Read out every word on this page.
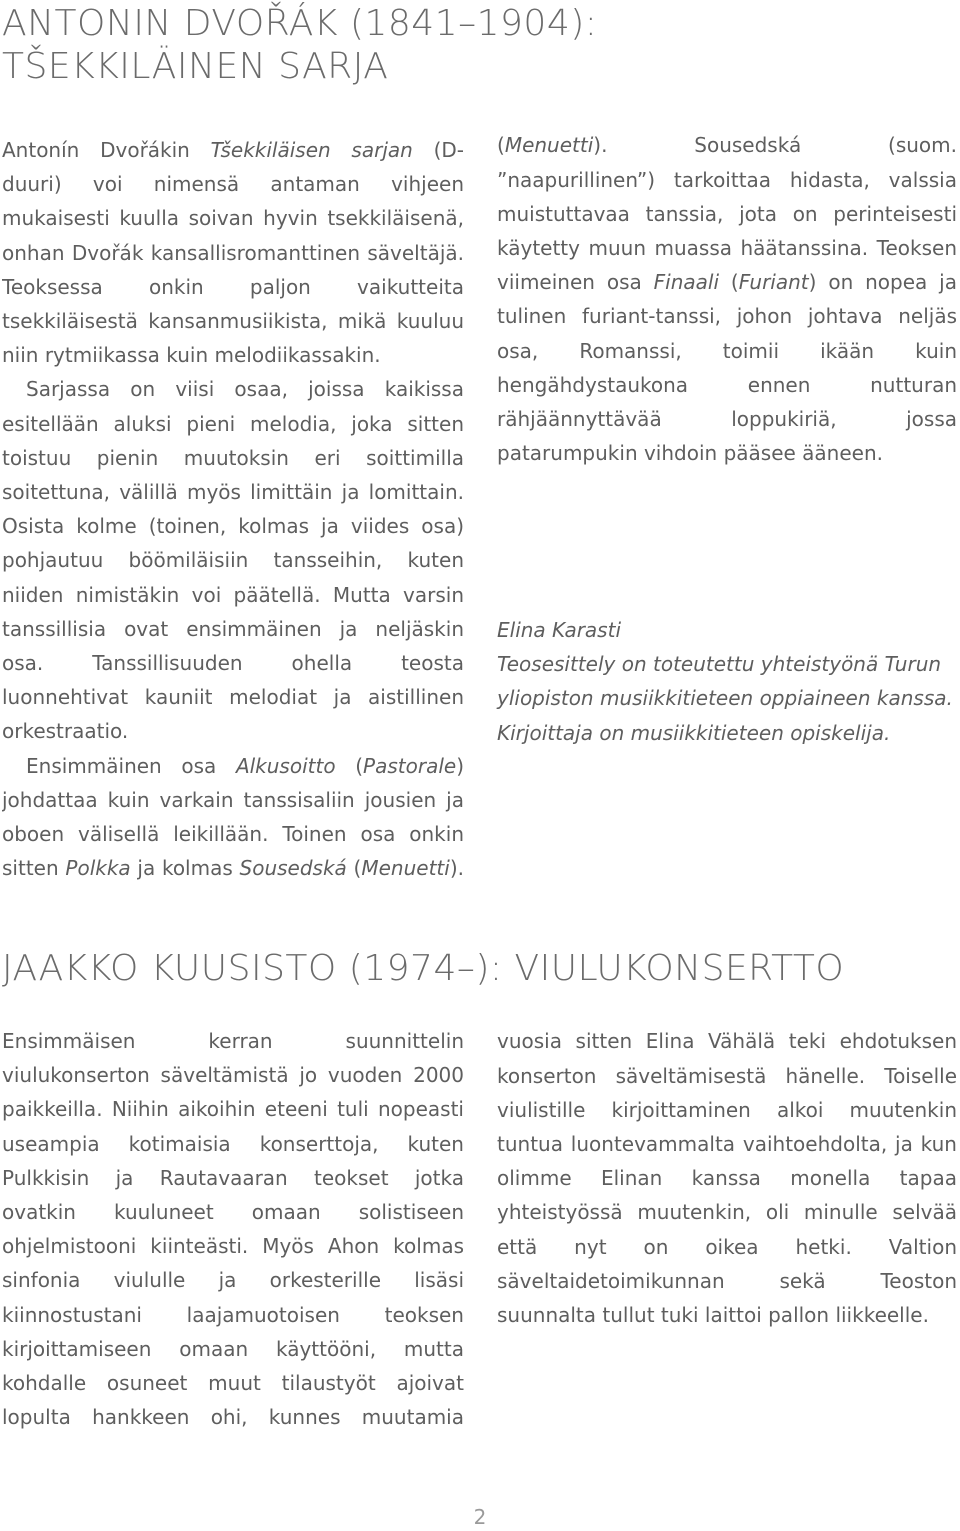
ANTONIN DVOŘÁK (1841–1904):
TŠEKKILÄINEN SARJA

Antonín Dvořákin Tšekkiläisen sarjan (D-duuri) voi nimensä antaman vihjeen mukaisesti kuulla soivan hyvin tsekkiläisenä, onhan Dvořák kansallisromanttinen säveltäjä. Teoksessa onkin paljon vaikutteita tsekkiläisestä kansanmusiikista, mikä kuuluu niin rytmiikassa kuin melodiikassakin.

Sarjassa on viisi osaa, joissa kaikissa esitellään aluksi pieni melodia, joka sitten toistuu pienin muutoksin eri soittimilla soitettuna, välillä myös limittäin ja lomittain. Osista kolme (toinen, kolmas ja viides osa) pohjautuu böömiläisiin tansseihin, kuten niiden nimistäkin voi päätellä. Mutta varsin tanssillisia ovat ensimmäinen ja neljäskin osa. Tanssillisuuden ohella teosta luonnehtivat kauniit melodiat ja aistillinen orkestraatio.

Ensimmäinen osa Alkusoitto (Pastorale) johdattaa kuin varkain tanssisaliin jousien ja oboen välisellä leikillään. Toinen osa onkin sitten Polkka ja kolmas Sousedská (Menuetti).

Elina Karasti
Teosesittely on toteutettu yhteistyönä Turun yliopiston musiikkitieteen oppiaineen kanssa. Kirjoittaja on musiikkitieteen opiskelija.

JAAKKO KUUSISTO (1974–): VIULUKONSERTTO

Ensimmäisen kerran suunnittelin viulukonserton säveltämistä jo vuoden 2000 paikkeilla. Niihin aikoihin eteeni tuli nopeasti useampia kotimaisia konserttoja, kuten Pulkkisin ja Rautavaaran teokset jotka ovatkin kuuluneet omaan solistiseen ohjelmistooni kiinteästi. Myös Ahon kolmas sinfonia viululle ja orkesterille lisäsi kiinnostustani laajamuotoisen teoksen kirjoittamiseen omaan käyttööni, mutta kohdalle osuneet muut tilaustyöt ajoivat lopulta hankkeen ohi, kunnes muutamia

2

(Menuetti). Sousedská (suom. ”naapurillinen”) tarkoittaa hidasta, valssia muistuttavaa tanssia, jota on perinteisesti käytetty muun muassa häätanssina. Teoksen viimeinen osa Finaali (Furiant) on nopea ja tulinen furiant-tanssi, johon johtava neljäs osa, Romanssi, toimii ikään kuin hengähdystaukona ennen nutturan rähjäännyttävää loppukiriä, jossa patarumpukin vihdoin pääsee ääneen.

vuosia sitten Elina Vähälä teki ehdotuksen konserton säveltämisestä hänelle. Toiselle viulistille kirjoittaminen alkoi muutenkin tuntua luontevammalta vaihtoehdolta, ja kun olimme Elinan kanssa monella tapaa yhteistyössä muutenkin, oli minulle selvää että nyt on oikea hetki. Valtion säveltaidetoimikunnan sekä Teoston suunnalta tullut tuki laittoi pallon liikkeelle.
